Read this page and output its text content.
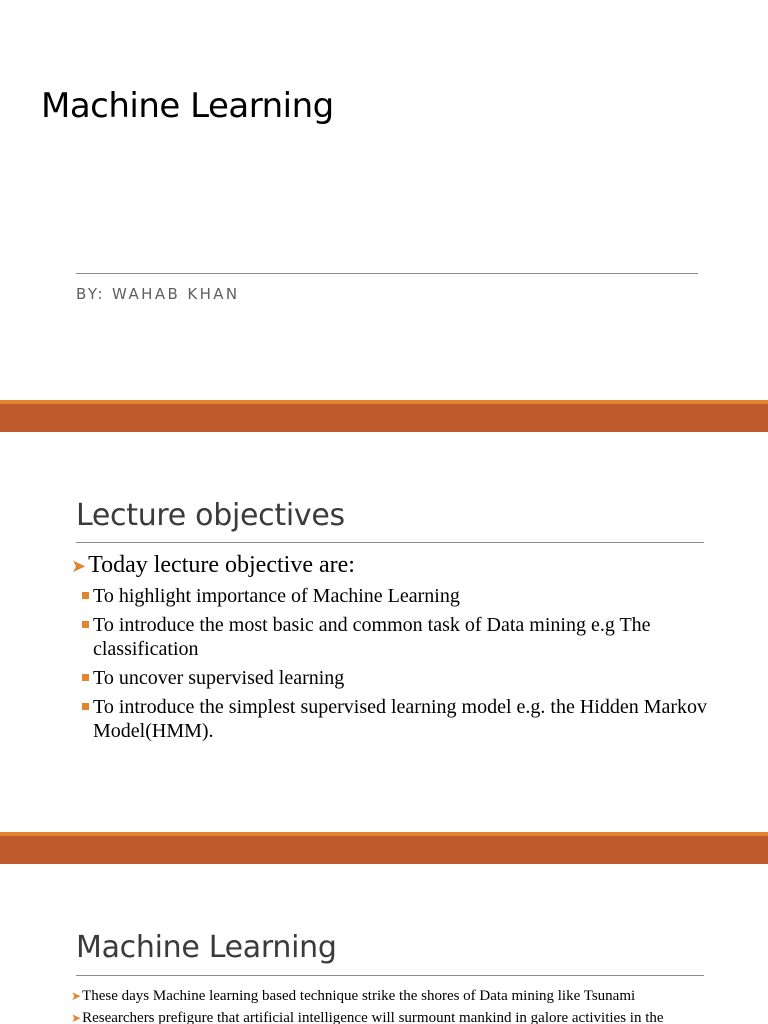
Machine Learning
BY: WAHAB KHAN
Lecture objectives
➤ Today lecture objective are:
To highlight importance of Machine Learning
To introduce the most basic and common task of Data mining e.g The classification
To uncover supervised learning
To introduce the simplest supervised learning model e.g. the Hidden Markov Model(HMM).
Machine Learning
➤ These days Machine learning based technique strike the shores of Data mining like Tsunami
➤ Researchers prefigure that artificial intelligence will surmount mankind in galore activities in the
